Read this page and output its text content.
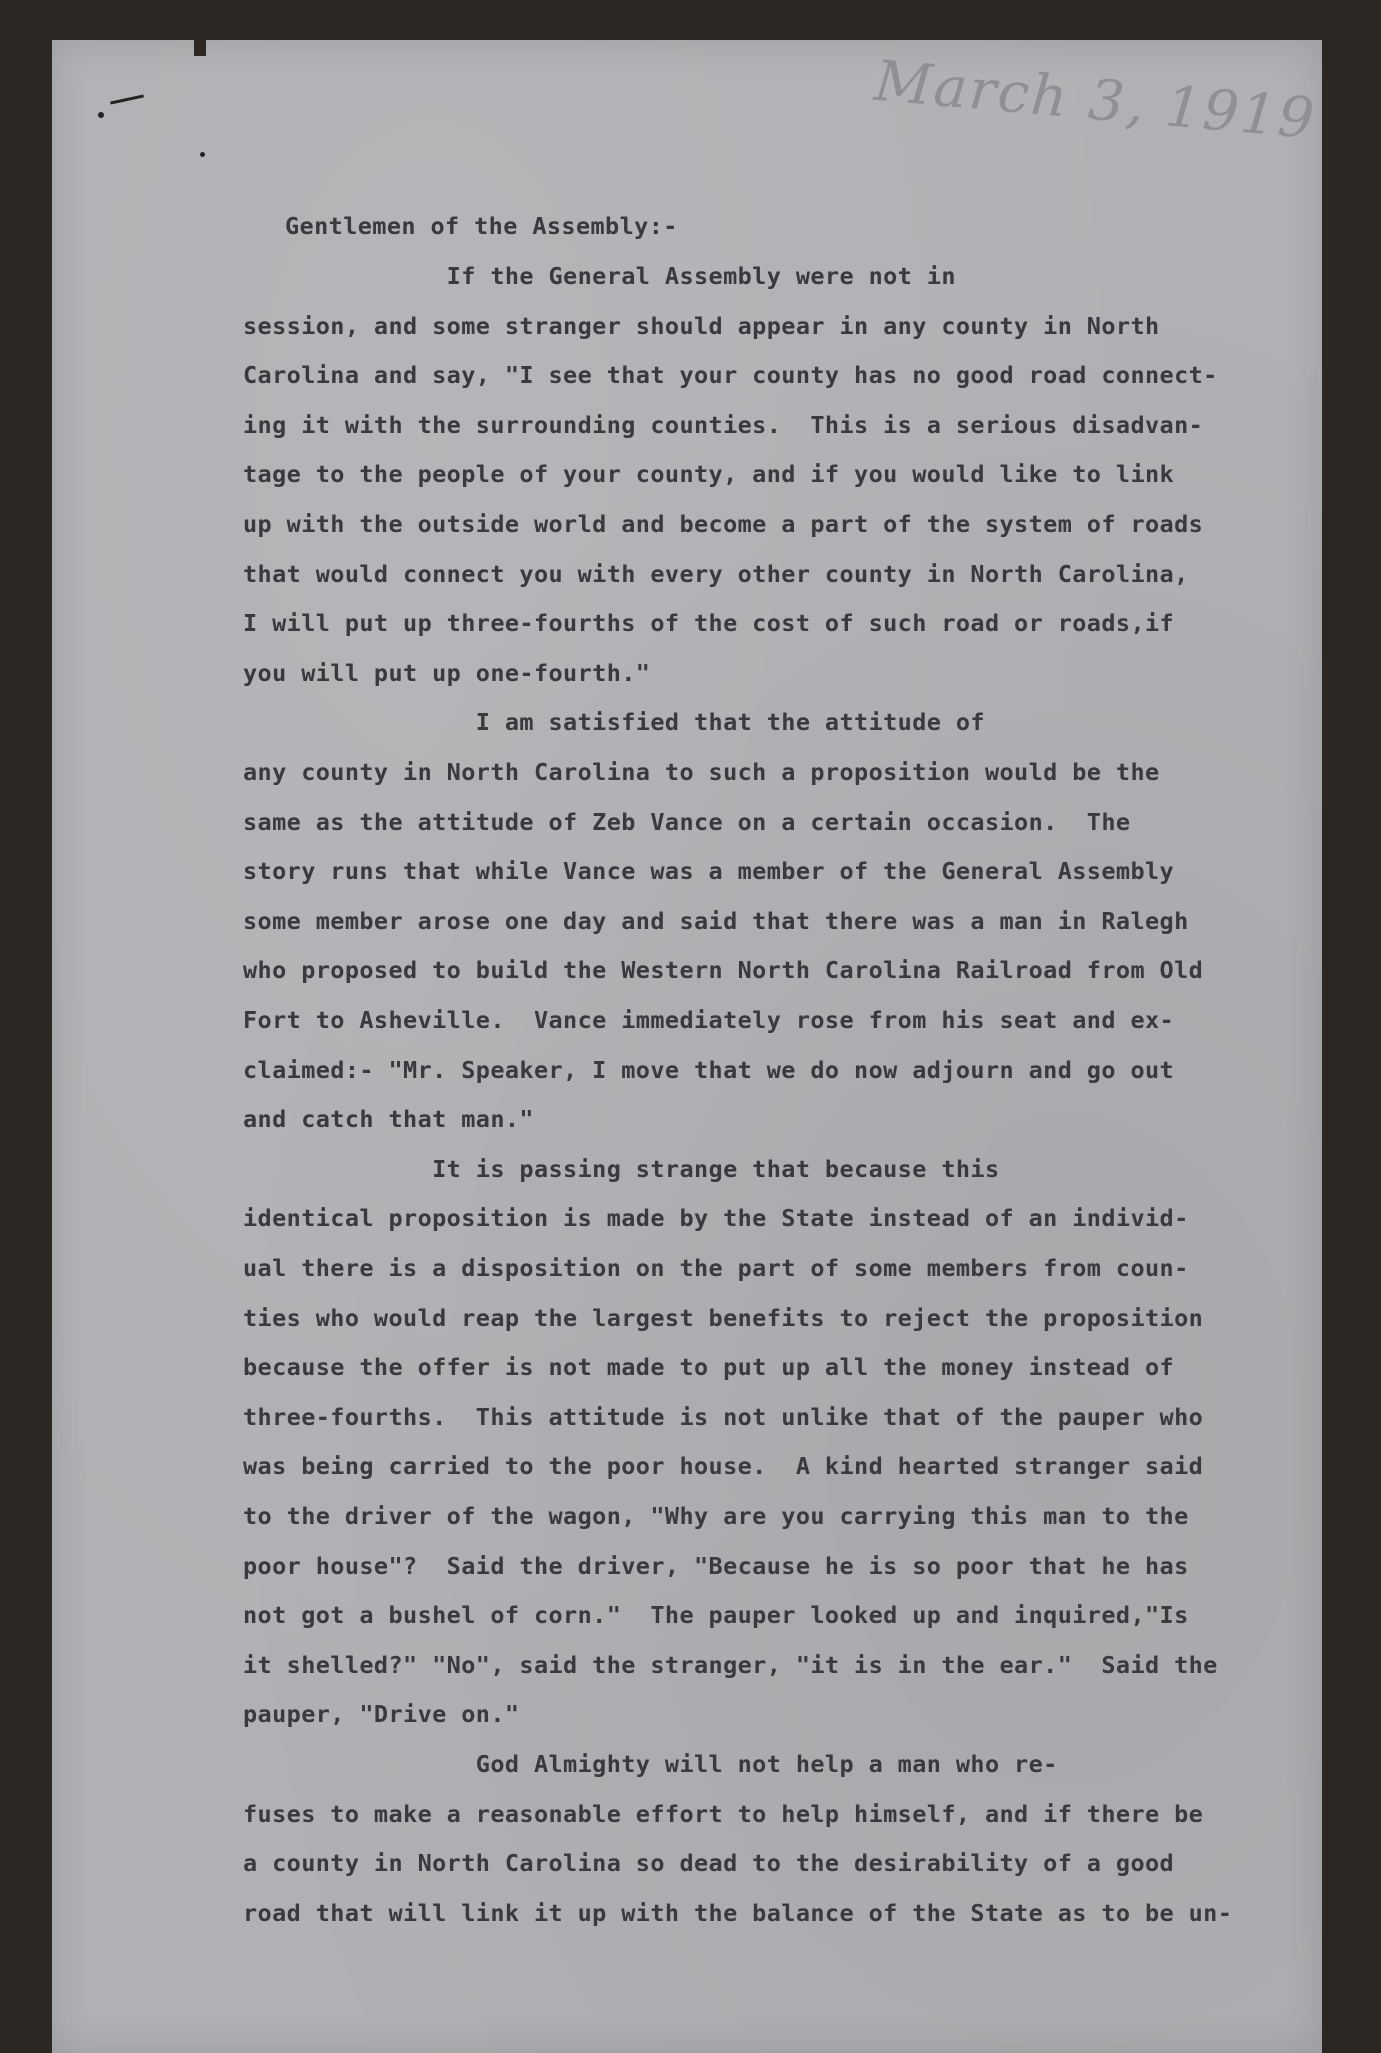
March 3, 1919
Gentlemen of the Assembly:-
If the General Assembly were not in
session, and some stranger should appear in any county in North
Carolina and say, "I see that your county has no good road connect-
ing it with the surrounding counties.  This is a serious disadvan-
tage to the people of your county, and if you would like to link
up with the outside world and become a part of the system of roads
that would connect you with every other county in North Carolina,
I will put up three-fourths of the cost of such road or roads,if
you will put up one-fourth."
I am satisfied that the attitude of
any county in North Carolina to such a proposition would be the
same as the attitude of Zeb Vance on a certain occasion.  The
story runs that while Vance was a member of the General Assembly
some member arose one day and said that there was a man in Ralegh
who proposed to build the Western North Carolina Railroad from Old
Fort to Asheville.  Vance immediately rose from his seat and ex-
claimed:- "Mr. Speaker, I move that we do now adjourn and go out
and catch that man."
It is passing strange that because this
identical proposition is made by the State instead of an individ-
ual there is a disposition on the part of some members from coun-
ties who would reap the largest benefits to reject the proposition
because the offer is not made to put up all the money instead of
three-fourths.  This attitude is not unlike that of the pauper who
was being carried to the poor house.  A kind hearted stranger said
to the driver of the wagon, "Why are you carrying this man to the
poor house"?  Said the driver, "Because he is so poor that he has
not got a bushel of corn."  The pauper looked up and inquired,"Is
it shelled?" "No", said the stranger, "it is in the ear."  Said the
pauper, "Drive on."
God Almighty will not help a man who re-
fuses to make a reasonable effort to help himself, and if there be
a county in North Carolina so dead to the desirability of a good
road that will link it up with the balance of the State as to be un-
